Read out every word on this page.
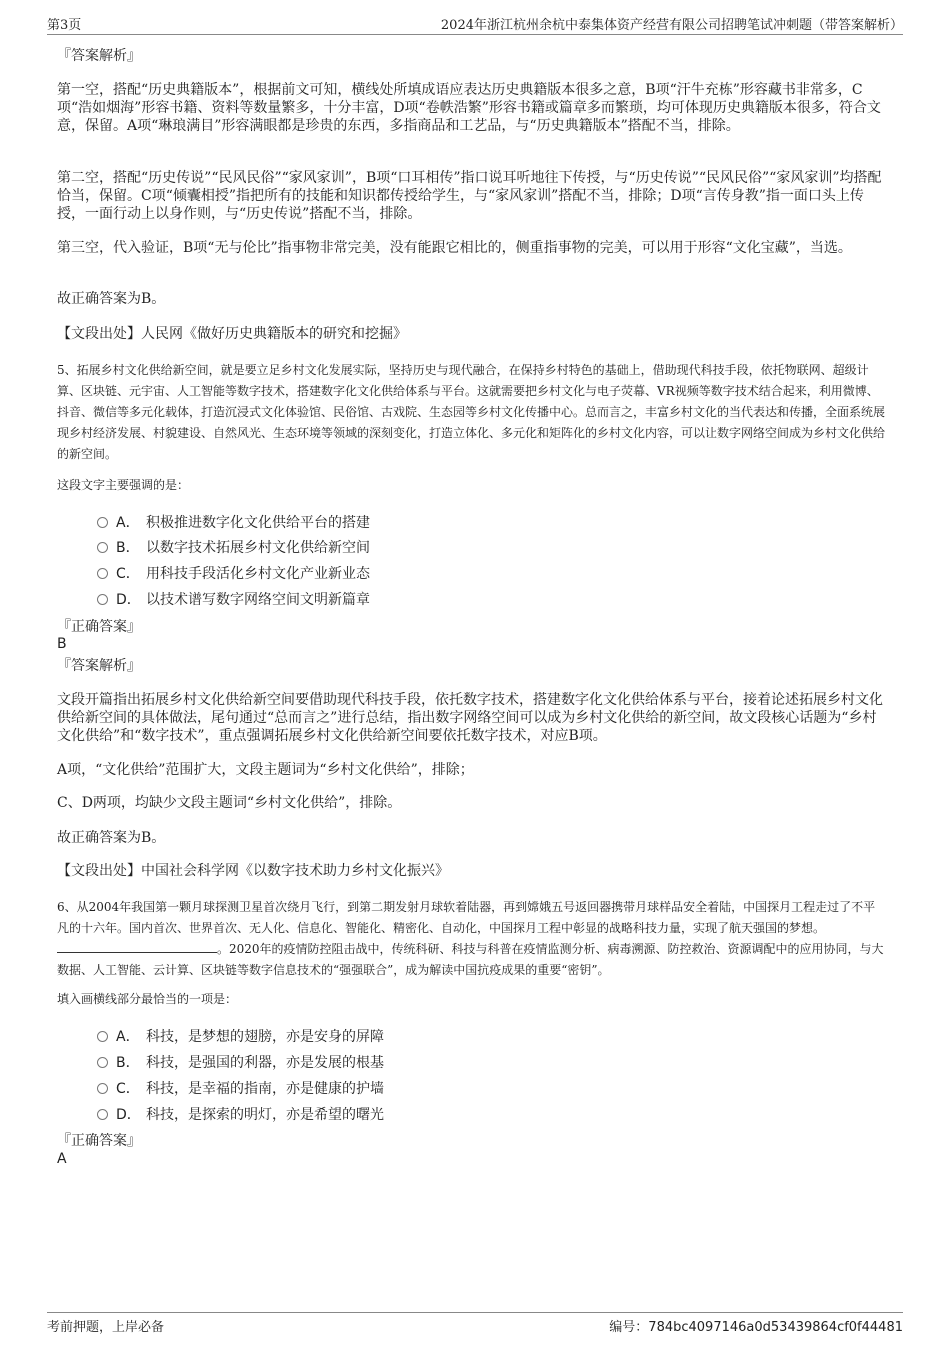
第3页	2024年浙江杭州余杭中泰集体资产经营有限公司招聘笔试冲刺题（带答案解析）
『答案解析』
第一空，搭配“历史典籍版本”，根据前文可知，横线处所填成语应表达历史典籍版本很多之意，B项“汗牛充栋”形容藏书非常多，C项“浩如烟海”形容书籍、资料等数量繁多，十分丰富，D项“卷帙浩繁”形容书籍或篇章多而繁琐，均可体现历史典籍版本很多，符合文意，保留。A项“琳琅满目”形容满眼都是珍贵的东西，多指商品和工艺品，与“历史典籍版本”搭配不当，排除。
第二空，搭配“历史传说”“民风民俗”“家风家训”，B项“口耳相传”指口说耳听地往下传授，与“历史传说”“民风民俗”“家风家训”均搭配恰当，保留。C项“倾囊相授”指把所有的技能和知识都传授给学生，与“家风家训”搭配不当，排除；D项“言传身教”指一面口头上传授，一面行动上以身作则，与“历史传说”搭配不当，排除。
第三空，代入验证，B项“无与伦比”指事物非常完美，没有能跟它相比的，侧重指事物的完美，可以用于形容“文化宝藏”，当选。
故正确答案为B。
【文段出处】人民网《做好历史典籍版本的研究和挖掘》
5、拓展乡村文化供给新空间，就是要立足乡村文化发展实际，坚持历史与现代融合，在保持乡村特色的基础上，借助现代科技手段，依托物联网、超级计算、区块链、元宇宙、人工智能等数字技术，搭建数字化文化供给体系与平台。这就需要把乡村文化与电子荧幕、VR视频等数字技术结合起来，利用微博、抖音、微信等多元化载体，打造沉浸式文化体验馆、民俗馆、古戏院、生态园等乡村文化传播中心。总而言之，丰富乡村文化的当代表达和传播，全面系统展现乡村经济发展、村貌建设、自然风光、生态环境等领域的深刻变化，打造立体化、多元化和矩阵化的乡村文化内容，可以让数字网络空间成为乡村文化供给的新空间。
这段文字主要强调的是：
A． 积极推进数字化文化供给平台的搭建
B． 以数字技术拓展乡村文化供给新空间
C． 用科技手段活化乡村文化产业新业态
D． 以技术谱写数字网络空间文明新篇章
『正确答案』
B
『答案解析』
文段开篇指出拓展乡村文化供给新空间要借助现代科技手段，依托数字技术，搭建数字化文化供给体系与平台，接着论述拓展乡村文化供给新空间的具体做法，尾句通过“总而言之”进行总结，指出数字网络空间可以成为乡村文化供给的新空间，故文段核心话题为“乡村文化供给”和“数字技术”，重点强调拓展乡村文化供给新空间要依托数字技术，对应B项。
A项，“文化供给”范围扩大，文段主题词为“乡村文化供给”，排除；
C、D两项，均缺少文段主题词“乡村文化供给”，排除。
故正确答案为B。
【文段出处】中国社会科学网《以数字技术助力乡村文化振兴》
6、从2004年我国第一颗月球探测卫星首次绕月飞行，到第二期发射月球软着陆器，再到嫦娥五号返回器携带月球样品安全着陆，中国探月工程走过了不平凡的十六年。国内首次、世界首次、无人化、信息化、智能化、精密化、自动化，中国探月工程中彰显的战略科技力量，实现了航天强国的梦想。。2020年的疫情防控阻击战中，传统科研、科技与科普在疫情监测分析、病毒溯源、防控救治、资源调配中的应用协同，与大数据、人工智能、云计算、区块链等数字信息技术的“强强联合”，成为解读中国抗疫成果的重要“密钥”。
填入画横线部分最恰当的一项是：
A． 科技，是梦想的翅膀，亦是安身的屏障
B． 科技，是强国的利器，亦是发展的根基
C． 科技，是幸福的指南，亦是健康的护墙
D． 科技，是探索的明灯，亦是希望的曙光
『正确答案』
A
考前押题，上岸必备	编号：784bc4097146a0d53439864cf0f44481
